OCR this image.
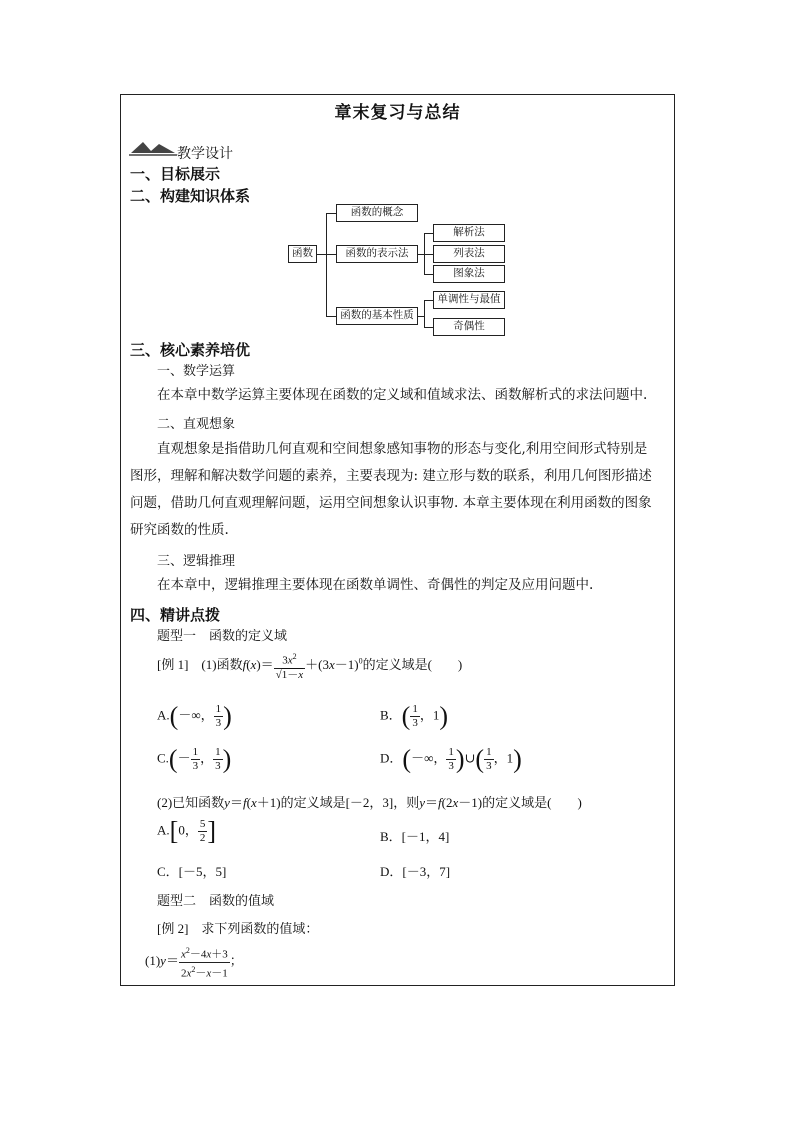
章末复习与总结
教学设计
一、目标展示
二、构建知识体系
函数
函数的概念
函数的表示法
函数的基本性质
解析法
列表法
图象法
单调性与最值
奇偶性
三、核心素养培优
一、数学运算
在本章中数学运算主要体现在函数的定义域和值域求法、函数解析式的求法问题中.
二、直观想象
直观想象是指借助几何直观和空间想象感知事物的形态与变化,利用空间形式特别是
图形，理解和解决数学问题的素养，主要表现为: 建立形与数的联系，利用几何图形描述
问题，借助几何直观理解问题，运用空间想象认识事物. 本章主要体现在利用函数的图象
研究函数的性质.
三、逻辑推理
在本章中，逻辑推理主要体现在函数单调性、奇偶性的判定及应用问题中.
四、精讲点拨
题型一　函数的定义域
[例 1]　(1)函数$f(x)= \frac{3x^2}{√1-x} +(3x-1)^0$的定义域是(　　)
A.(－∞， $\frac{1}{3}$ )	B．( $\frac{1}{3}$ ，1)
$C.(- \frac{1}{3}$ ， $\frac{1}{3}$ )	D．(－∞， $\frac{1}{3}$ )∪( $\frac{1}{3}$ ，1)
(2)已知函数y＝f(x＋1)的定义域是[－2，3]，则y＝f(2x－1)的定义域是(　　)
A.[0， $\frac{5}{2}$ ]	B．[－1，4]
C．[－5，5]	D．[－3，7]
题型二　函数的值域
[例 2]　求下列函数的值域：
$(1)y= \frac{x^2-4x+3}{2x^2-x-1}$ ；
